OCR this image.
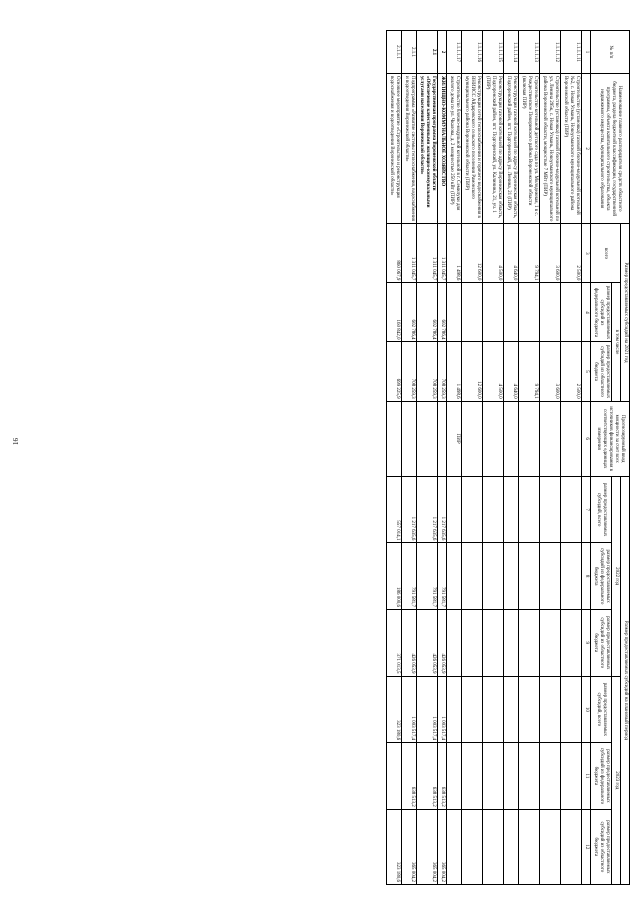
16
№ п/п	Наименование главного распорядителя средств областного бюджета, раздела бюджетной классификации, государственной программы, объекта капитального строительства, объекта недвижимого имущества, муниципального образования	Размер предоставляемых субсидий на 2021 год			Прогнозируемый ввод мощности за счет всех источников финансирования в соответствующих единицах измерения	Размер предоставляемых субсидий на плановый период					
		всего	в том числе			2022 год			2023 год		
			размер предоставляемых субсидий из федерального бюджета	размер предоставляемых субсидий из областного бюджета		размер предоставляемых субсидий, всего	размер предоставляемых субсидий из федерального бюджета	размер предоставляемых субсидий из областного бюджета	размер предоставляемых субсидий, всего	размер предоставляемых субсидий из федерального бюджета	размер предоставляемых субсидий из областного бюджета

1	2	3	4	5	6	7	8	9	10	11	12
1.1.1.1.11	Строительство (установка) газовой блочно-модульной котельной №2, с. Новая Усмань, Новоусманского муниципального района Воронежской области (ПИР)	2 500,0		2 500,0							
1.1.1.1.12	Строительство (установка) газовой блочно-модульной котельной по ул. Ленина 295к, с. Новая Усмань, Новоусманского муниципального района Воронежской области, мощностью 7 МВт (ПИР)	3 600,0		3 600,0							
1.1.1.1.13	Строительство котельной детского сада по ул. Молодежная, 1 в с. Рождественское Поворинского района Воронежской области (включая ПИР)	9 794,1		9 794,1							
1.1.1.1.14	Реконструкция газовой котельной по адресу Воронежская область, Подгоренский район, пгт. Подгоренский, ул. Ленина, 21 (ПИР)	4 640,0		4 640,0							
1.1.1.1.15	Реконструкция газовой котельной по адресу Воронежская область, Подгоренский район, пгт. Подгоренский, ул. Калинина, 21, уч. 1 (ПИР)	4 500,0		4 500,0							
1.1.1.1.16	Реконструкция сетей теплоснабжения и горячего водоснабжения в ВНИИСС Айдаровского сельского поселения Рамонского муниципального района Воронежской области (ПИР)	12 600,0		12 600,0							
1.1.1.1.17	Строительство блочно-модульной котельной в г. Семилуки для жилого дома по ул. Чкалова, д. 2 мощностью 250 кВт (ПИР)	1 498,6		1 498,6	ПИР						
2	ЖИЛИЩНО-КОММУНАЛЬНОЕ ХОЗЯЙСТВО	1 311 045,7	602 786,4	708 259,3		1 217 635,6	791 581,7	426 053,9	1 003 517,4	638 513,2	365 004,2
2.1	Государственная программа Воронежской области «Обеспечение качественными жилищно-коммунальными услугами населения Воронежской области»	1 311 045,7	602 786,4	708 259,3		1 217 635,6	791 581,7	426 053,9	1 003 517,4	638 513,2	365 004,2
2.1.1	Подпрограмма «Развитие системы теплоснабжения, водоснабжения и водоотведения Воронежской области»	1 311 045,7	602 786,4	708 259,3		1 217 635,6	791 581,7	426 053,9	1 003 517,4	638 513,2	365 004,2
2.1.1.1	Основное мероприятие «Строительство и реконструкция водоснабжения и водоотведения Воронежской области»	860 067,9	160 842,0	699 225,9		557 014,1	186 000,6	371 013,5	323 180,6		323 180,6
